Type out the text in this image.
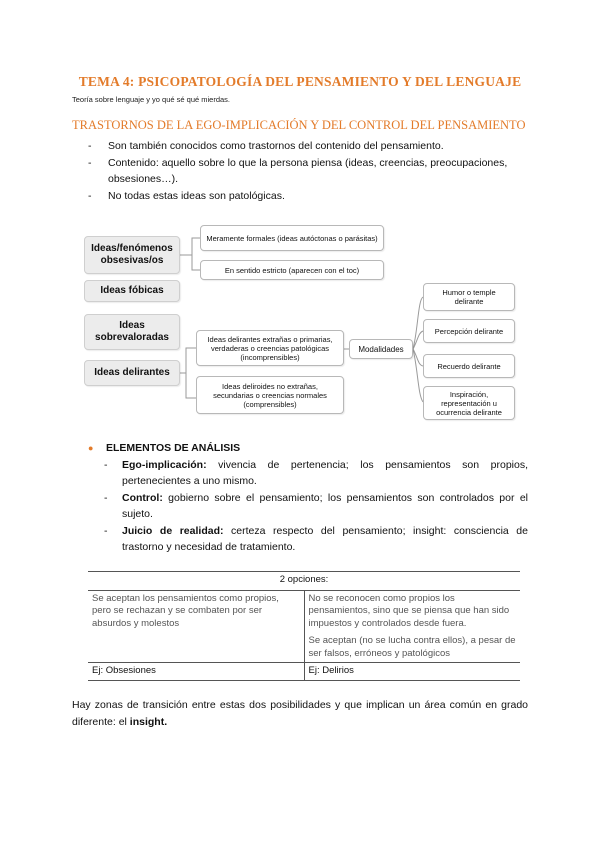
TEMA 4: PSICOPATOLOGÍA DEL PENSAMIENTO Y DEL LENGUAJE
Teoría sobre lenguaje y yo qué sé qué mierdas.
TRASTORNOS DE LA EGO-IMPLICACIÓN Y DEL CONTROL DEL PENSAMIENTO
- Son también conocidos como trastornos del contenido del pensamiento.
- Contenido: aquello sobre lo que la persona piensa (ideas, creencias, preocupaciones,
obsesiones…).
- No todas estas ideas son patológicas.
Ideas/fenómenos obsesivas/os
Ideas fóbicas
Ideas sobrevaloradas
Ideas delirantes
Meramente formales (ideas autóctonas o parásitas)
En sentido estricto (aparecen con el toc)
Ideas delirantes extrañas o primarias, verdaderas o creencias patológicas (incomprensibles)
Ideas deliroides no extrañas, secundarias o creencias normales (comprensibles)
Modalidades
Humor o temple delirante
Percepción delirante
Recuerdo delirante
Inspiración, representación u ocurrencia delirante
● ELEMENTOS DE ANÁLISIS
- Ego-implicación: vivencia de pertenencia; los pensamientos son propios, pertenecientes a uno mismo.
- Control: gobierno sobre el pensamiento; los pensamientos son controlados por el sujeto.
- Juicio de realidad: certeza respecto del pensamiento; insight: consciencia de trastorno y necesidad de tratamiento.
2 opciones:	
Se aceptan los pensamientos como propios, pero se rechazan y se combaten por ser absurdos y molestos	No se reconocen como propios los pensamientos, sino que se piensa que han sido impuestos y controlados desde fuera.

Se aceptan (no se lucha contra ellos), a pesar de ser falsos, erróneos y patológicos

Ej: Obsesiones	Ej: Delirios
Hay zonas de transición entre estas dos posibilidades y que implican un área común en grado diferente: el insight.
